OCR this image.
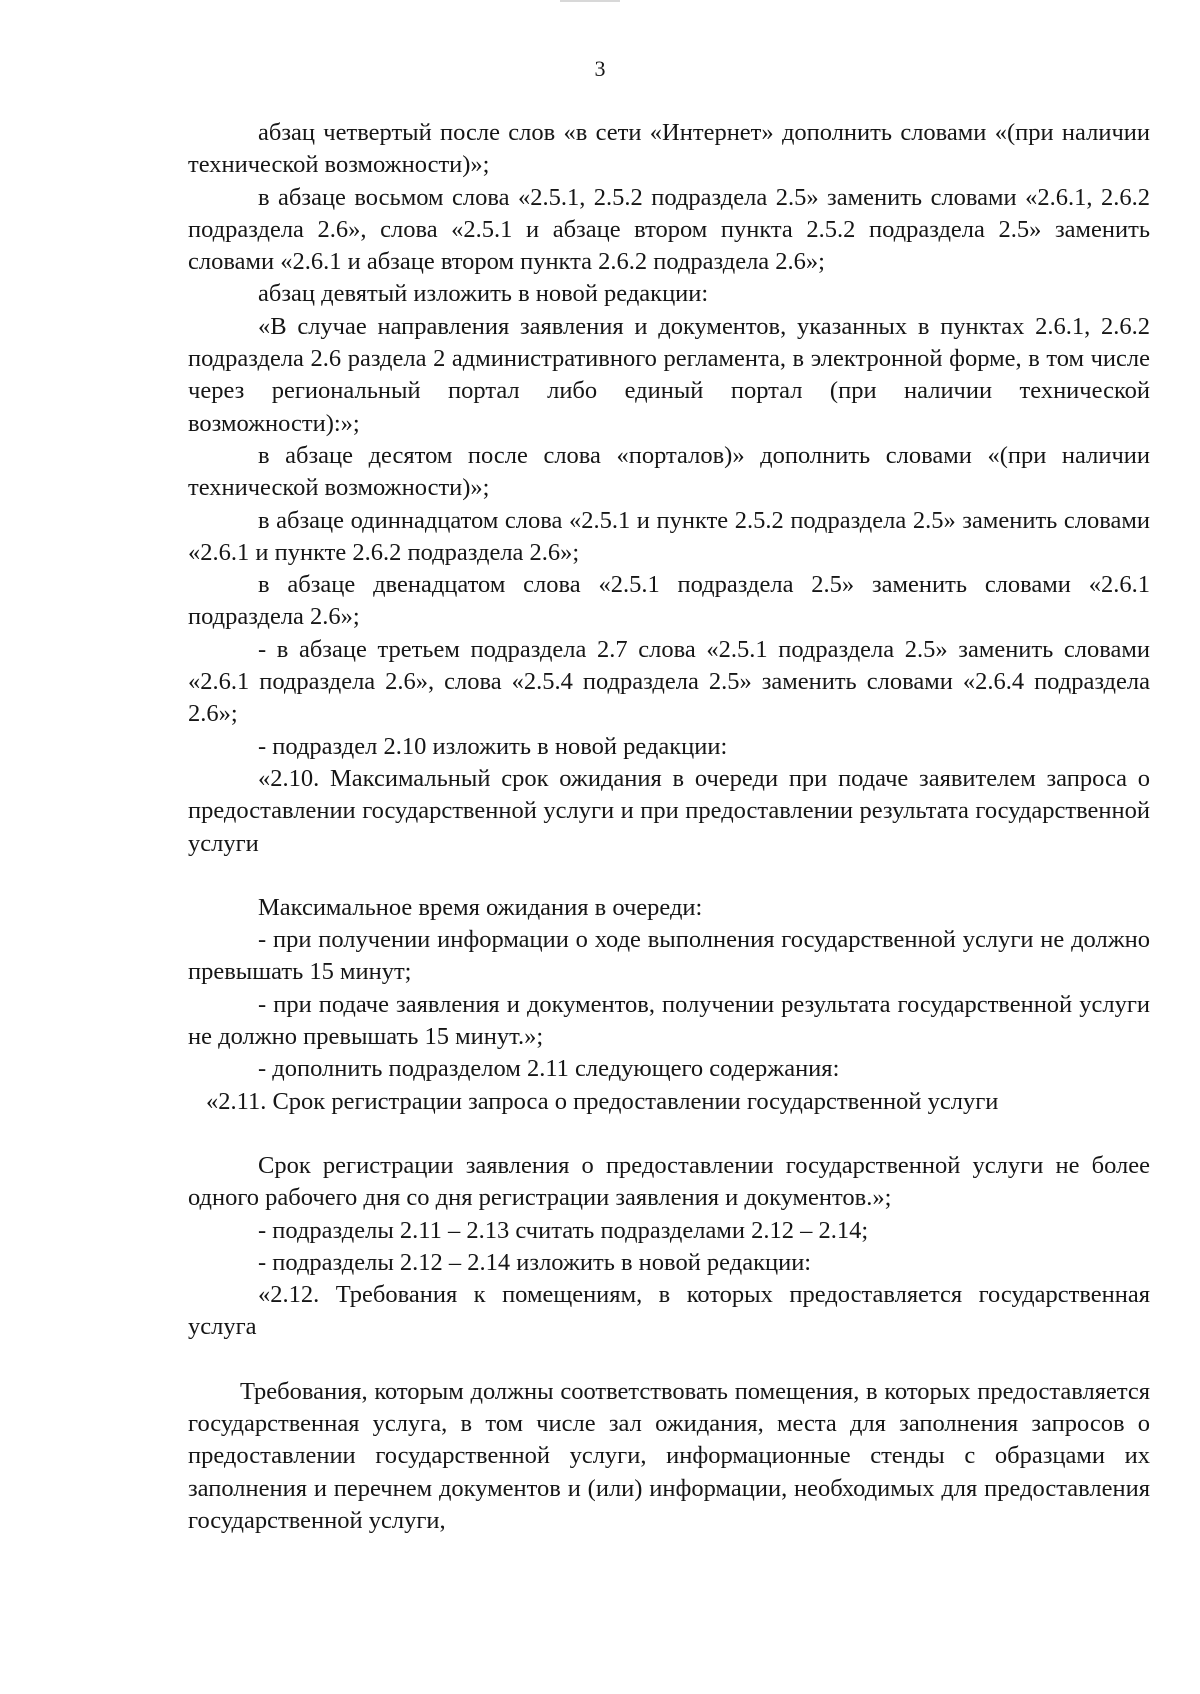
3

абзац четвертый после слов «в сети «Интернет» дополнить словами «(при наличии технической возможности)»;

в абзаце восьмом слова «2.5.1, 2.5.2 подраздела 2.5» заменить словами «2.6.1, 2.6.2 подраздела 2.6», слова «2.5.1 и абзаце втором пункта 2.5.2 подраздела 2.5» заменить словами «2.6.1 и абзаце втором пункта 2.6.2 подраздела 2.6»;

абзац девятый изложить в новой редакции:

«В случае направления заявления и документов, указанных в пунктах 2.6.1, 2.6.2 подраздела 2.6 раздела 2 административного регламента, в электронной форме, в том числе через региональный портал либо единый портал (при наличии технической возможности):»;

в абзаце десятом после слова «порталов)» дополнить словами «(при наличии технической возможности)»;

в абзаце одиннадцатом слова «2.5.1 и пункте 2.5.2 подраздела 2.5» заменить словами «2.6.1 и пункте 2.6.2 подраздела 2.6»;

в абзаце двенадцатом слова «2.5.1 подраздела 2.5» заменить словами «2.6.1 подраздела 2.6»;

- в абзаце третьем подраздела 2.7 слова «2.5.1 подраздела 2.5» заменить словами «2.6.1 подраздела 2.6», слова «2.5.4 подраздела 2.5» заменить словами «2.6.4 подраздела 2.6»;

- подраздел 2.10 изложить в новой редакции:

«2.10. Максимальный срок ожидания в очереди при подаче заявителем запроса о предоставлении государственной услуги и при предоставлении результата государственной услуги

Максимальное время ожидания в очереди:

- при получении информации о ходе выполнения государственной услуги не должно превышать 15 минут;

- при подаче заявления и документов, получении результата государственной услуги не должно превышать 15 минут.»;

- дополнить подразделом 2.11 следующего содержания:

«2.11. Срок регистрации запроса о предоставлении государственной услуги

Срок регистрации заявления о предоставлении государственной услуги не более одного рабочего дня со дня регистрации заявления и документов.»;

- подразделы 2.11 – 2.13 считать подразделами 2.12 – 2.14;

- подразделы 2.12 – 2.14 изложить в новой редакции:

«2.12. Требования к помещениям, в которых предоставляется государственная услуга

Требования, которым должны соответствовать помещения, в которых предоставляется государственная услуга, в том числе зал ожидания, места для заполнения запросов о предоставлении государственной услуги, информационные стенды с образцами их заполнения и перечнем документов и (или) информации, необходимых для предоставления государственной услуги,
